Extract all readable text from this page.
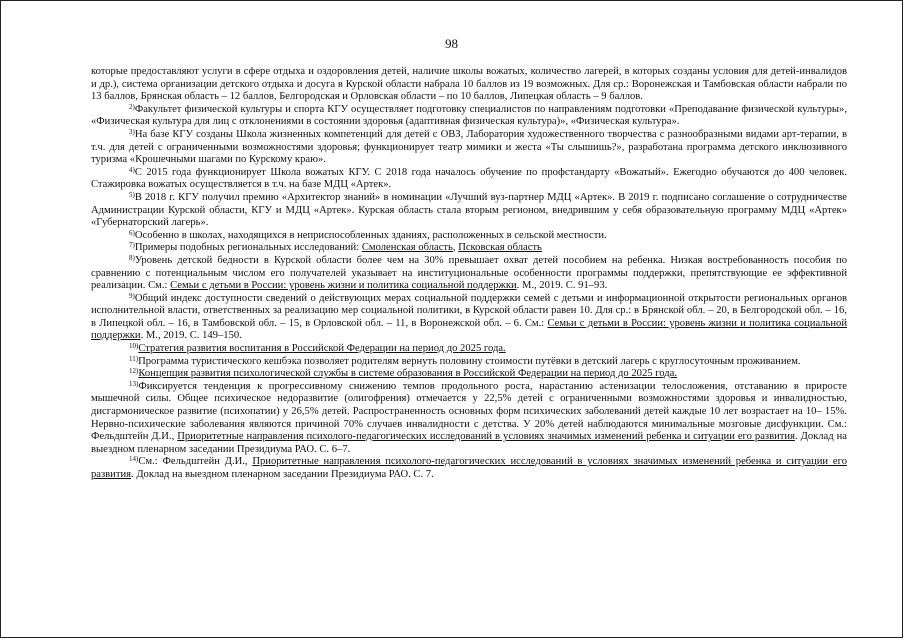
98

которые предоставляют услуги в сфере отдыха и оздоровления детей, наличие школы вожатых, количество лагерей, в которых созданы условия для детей-инвалидов и др.), система организации детского отдыха и досуга в Курской области набрала 10 баллов из 19 возможных. Для ср.: Воронежская и Тамбовская области набрали по 13 баллов, Брянская область – 12 баллов, Белгородская и Орловская области – по 10 баллов, Липецкая область – 9 баллов.

$^{2)}$Факультет физической культуры и спорта КГУ осуществляет подготовку специалистов по направлениям подготовки «Преподавание физической культуры», «Физическая культура для лиц с отклонениями в состоянии здоровья (адаптивная физическая культура)», «Физическая культура».

$^{3)}$На базе КГУ созданы Школа жизненных компетенций для детей с ОВЗ, Лаборатория художественного творчества с разнообразными видами арт-терапии, в т.ч. для детей с ограниченными возможностями здоровья; функционирует театр мимики и жеста «Ты слышишь?», разработана программа детского инклюзивного туризма «Крошечными шагами по Курскому краю».

$^{4)}$С 2015 года функционирует Школа вожатых КГУ. С 2018 года началось обучение по профстандарту «Вожатый». Ежегодно обучаются до 400 человек. Стажировка вожатых осуществляется в т.ч. на базе МДЦ «Артек».

$^{5)}$В 2018 г. КГУ получил премию «Архитектор знаний» в номинации «Лучший вуз-партнер МДЦ «Артек». В 2019 г. подписано соглашение о сотрудничестве Администрации Курской области, КГУ и МДЦ «Артек». Курская область стала вторым регионом, внедрившим у себя образовательную программу МДЦ «Артек» «Губернаторский лагерь».

$^{6)}$Особенно в школах, находящихся в неприспособленных зданиях, расположенных в сельской местности.

$^{7)}$Примеры подобных региональных исследований: Смоленская область, Псковская область

$^{8)}$Уровень детской бедности в Курской области более чем на 30% превышает охват детей пособием на ребенка. Низкая востребованность пособия по сравнению с потенциальным числом его получателей указывает на институциональные особенности программы поддержки, препятствующие ее эффективной реализации. См.: Семьи с детьми в России: уровень жизни и политика социальной поддержки. М., 2019. С. 91–93.

$^{9)}$Общий индекс доступности сведений о действующих мерах социальной поддержки семей с детьми и информационной открытости региональных органов исполнительной власти, ответственных за реализацию мер социальной политики, в Курской области равен 10. Для ср.: в Брянской обл. – 20, в Белгородской обл. – 16, в Липецкой обл. – 16, в Тамбовской обл. – 15, в Орловской обл. – 11, в Воронежской обл. – 6. См.: Семьи с детьми в России: уровень жизни и политика социальной поддержки. М., 2019. С. 149–150.

$^{10)}$Стратегия развития воспитания в Российской Федерации на период до 2025 года.

$^{11)}$Программа туристического кешбэка позволяет родителям вернуть половину стоимости путёвки в детский лагерь с круглосуточным проживанием.

$^{12)}$Концепция развития психологической службы в системе образования в Российской Федерации на период до 2025 года.

$^{13)}$Фиксируется тенденция к прогрессивному снижению темпов продольного роста, нарастанию астенизации телосложения, отставанию в приросте мышечной силы. Общее психическое недоразвитие (олигофрения) отмечается у 22,5% детей с ограниченными возможностями здоровья и инвалидностью, дисгармоническое развитие (психопатии) у 26,5% детей. Распространенность основных форм психических заболеваний детей каждые 10 лет возрастает на 10– 15%. Нервно-психические заболевания являются причиной 70% случаев инвалидности с детства. У 20% детей наблюдаются минимальные мозговые дисфункции. См.: Фельдштейн Д.И., Приоритетные направления психолого-педагогических исследований в условиях значимых изменений ребенка и ситуации его развития. Доклад на выездном пленарном заседании Президиума РАО. С. 6–7.

$^{14)}$См.: Фельдштейн Д.И., Приоритетные направления психолого-педагогических исследований в условиях значимых изменений ребенка и ситуации его развития. Доклад на выездном пленарном заседании Президиума РАО. С. 7.
